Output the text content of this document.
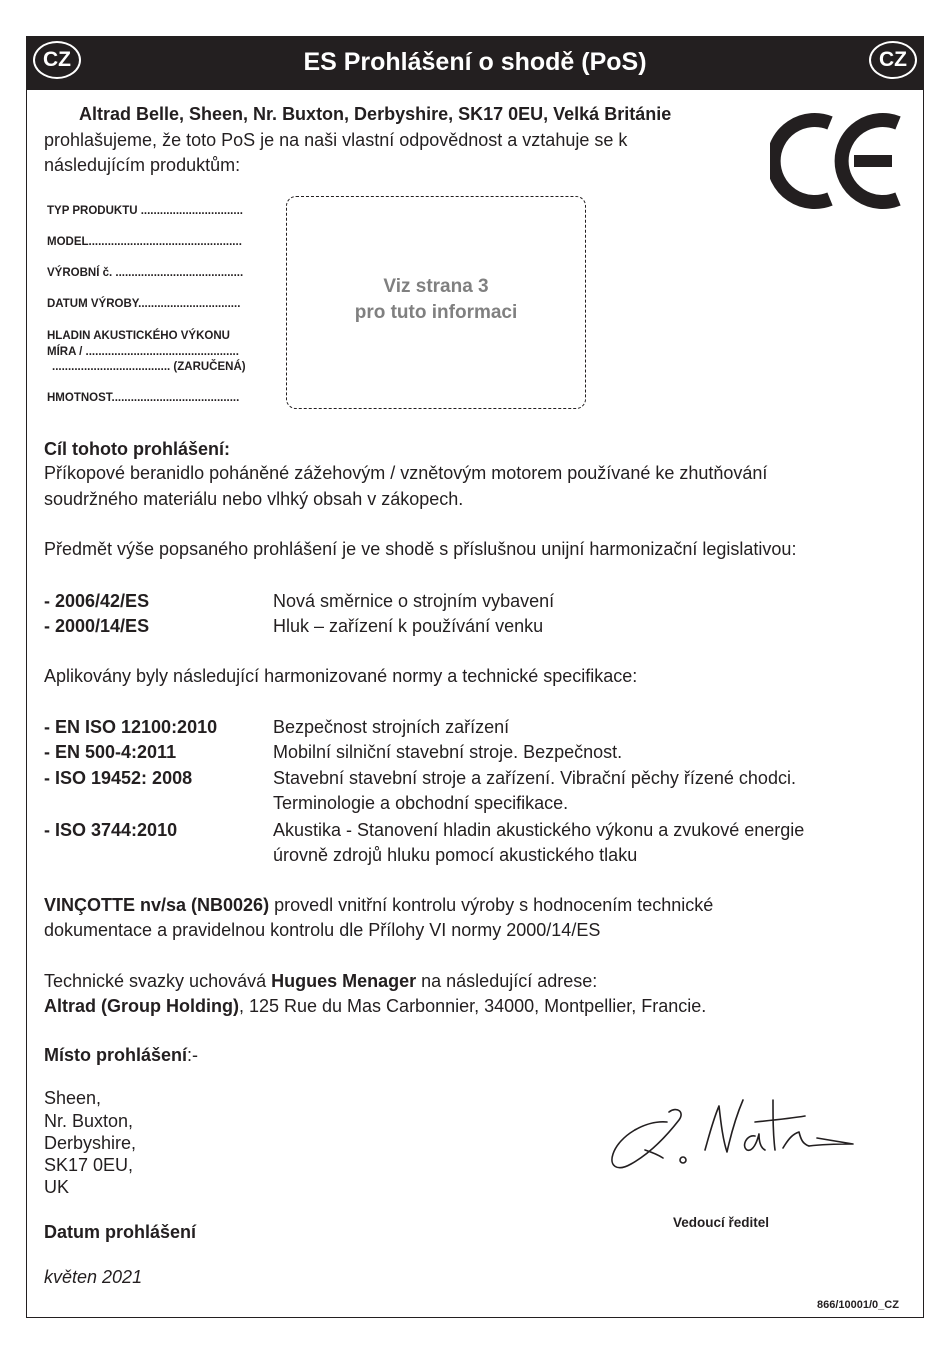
CZ	ES Prohlášení o shodě (PoS)	CZ
Altrad Belle, Sheen, Nr. Buxton, Derbyshire, SK17 0EU, Velká Británie
prohlašujeme, že toto PoS je na naši vlastní odpovědnost a vztahuje se k
následujícím produktům:
TYP PRODUKTU ................................
MODEL................................................
VÝROBNÍ č. ........................................
DATUM VÝROBY................................
HLADIN AKUSTICKÉHO VÝKONU
MÍRA / ................................................
..................................... (ZARUČENÁ)
HMOTNOST........................................
Viz strana 3
pro tuto informaci
Cíl tohoto prohlášení:
Příkopové beranidlo poháněné zážehovým / vznětovým motorem používané ke zhutňování
soudržného materiálu nebo vlhký obsah v zákopech.
Předmět výše popsaného prohlášení je ve shodě s příslušnou unijní harmonizační legislativou:
- 2006/42/ES	Nová směrnice o strojním vybavení
- 2000/14/ES	Hluk – zařízení k používání venku
Aplikovány byly následující harmonizované normy a technické specifikace:
- EN ISO 12100:2010	Bezpečnost strojních zařízení
- EN 500-4:2011	Mobilní silniční stavební stroje. Bezpečnost.
- ISO 19452: 2008	Stavební stavební stroje a zařízení. Vibrační pěchy řízené chodci.
Terminologie a obchodní specifikace.
- ISO 3744:2010	Akustika - Stanovení hladin akustického výkonu a zvukové energie
úrovně zdrojů hluku pomocí akustického tlaku
VINÇOTTE nv/sa (NB0026) provedl vnitřní kontrolu výroby s hodnocením technické
dokumentace a pravidelnou kontrolu dle Přílohy VI normy 2000/14/ES
Technické svazky uchovává Hugues Menager na následující adrese:
Altrad (Group Holding), 125 Rue du Mas Carbonnier, 34000, Montpellier, Francie.
Místo prohlášení:-
Sheen,
Nr. Buxton,
Derbyshire,
SK17 0EU,
UK
Datum prohlášení
květen 2021
Vedoucí ředitel
866/10001/0_CZ
